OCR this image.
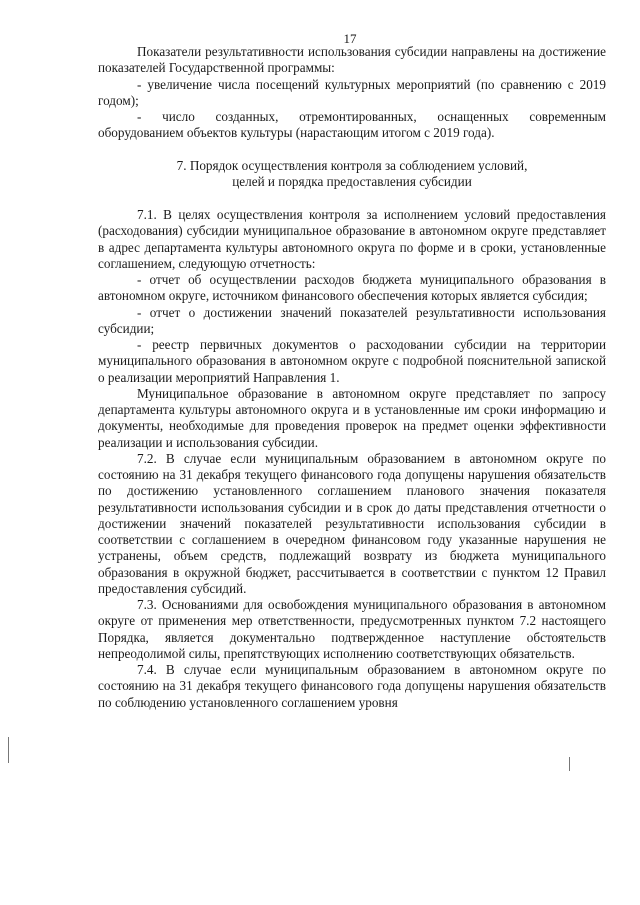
17

Показатели результативности использования субсидии направлены на достижение показателей Государственной программы:

- увеличение числа посещений культурных мероприятий (по сравнению с 2019 годом);

- число созданных, отремонтированных, оснащенных современным оборудованием объектов культуры (нарастающим итогом с 2019 года).

7. Порядок осуществления контроля за соблюдением условий,
целей и порядка предоставления субсидии

7.1. В целях осуществления контроля за исполнением условий предоставления (расходования) субсидии муниципальное образование в автономном округе представляет в адрес департамента культуры автономного округа по форме и в сроки, установленные соглашением, следующую отчетность:

- отчет об осуществлении расходов бюджета муниципального образования в автономном округе, источником финансового обеспечения которых является субсидия;

- отчет о достижении значений показателей результативности использования субсидии;

- реестр первичных документов о расходовании субсидии на территории муниципального образования в автономном округе с подробной пояснительной запиской о реализации мероприятий Направления 1.

Муниципальное образование в автономном округе представляет по запросу департамента культуры автономного округа и в установленные им сроки информацию и документы, необходимые для проведения проверок на предмет оценки эффективности реализации и использования субсидии.

7.2. В случае если муниципальным образованием в автономном округе по состоянию на 31 декабря текущего финансового года допущены нарушения обязательств по достижению установленного соглашением планового значения показателя результативности использования субсидии и в срок до даты представления отчетности о достижении значений показателей результативности использования субсидии в соответствии с соглашением в очередном финансовом году указанные нарушения не устранены, объем средств, подлежащий возврату из бюджета муниципального образования в окружной бюджет, рассчитывается в соответствии с пунктом 12 Правил предоставления субсидий.

7.3. Основаниями для освобождения муниципального образования в автономном округе от применения мер ответственности, предусмотренных пунктом 7.2 настоящего Порядка, является документально подтвержденное наступление обстоятельств непреодолимой силы, препятствующих исполнению соответствующих обязательств.

7.4. В случае если муниципальным образованием в автономном округе по состоянию на 31 декабря текущего финансового года допущены нарушения обязательств по соблюдению установленного соглашением уровня
